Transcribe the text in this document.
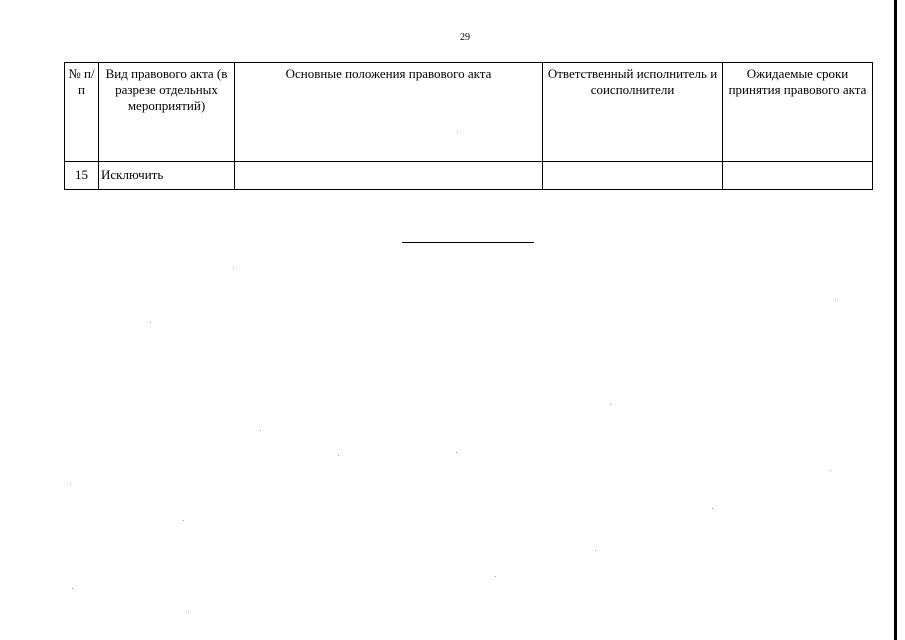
29
№ п/п	Вид правового акта (в разрезе отдельных мероприятий)	Основные положения правового акта	Ответственный исполнитель и соисполнители	Ожидаемые сроки принятия правового акта
15	Исключить			
